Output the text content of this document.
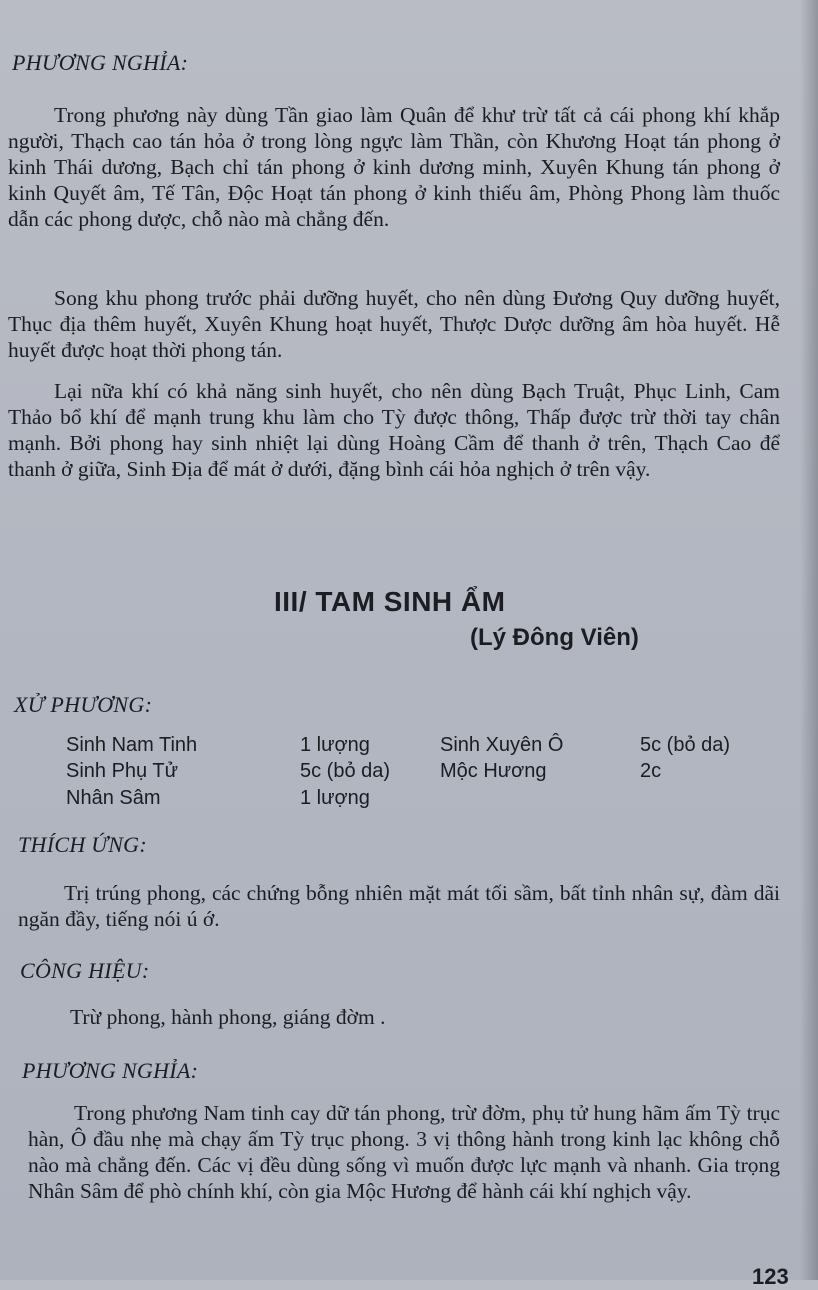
PHƯƠNG NGHỈA:
Trong phương này dùng Tần giao làm Quân để khư trừ tất cả cái phong khí khắp người, Thạch cao tán hỏa ở trong lòng ngực làm Thần, còn Khương Hoạt tán phong ở kinh Thái dương, Bạch chỉ tán phong ở kinh dương minh, Xuyên Khung tán phong ở kinh Quyết âm, Tế Tân, Độc Hoạt tán phong ở kinh thiếu âm, Phòng Phong làm thuốc dẫn các phong dược, chỗ nào mà chẳng đến.
Song khu phong trước phải dưỡng huyết, cho nên dùng Đương Quy dưỡng huyết, Thục địa thêm huyết, Xuyên Khung hoạt huyết, Thược Dược dưỡng âm hòa huyết. Hễ huyết được hoạt thời phong tán.
Lại nữa khí có khả năng sinh huyết, cho nên dùng Bạch Truật, Phục Linh, Cam Thảo bổ khí để mạnh trung khu làm cho Tỳ được thông, Thấp được trừ thời tay chân mạnh. Bởi phong hay sinh nhiệt lại dùng Hoàng Cầm để thanh ở trên, Thạch Cao để thanh ở giữa, Sinh Địa để mát ở dưới, đặng bình cái hỏa nghịch ở trên vậy.
III/ TAM SINH ẨM
(Lý Đông Viên)
XỬ PHƯƠNG:
Sinh Nam Tinh	1 lượng	Sinh Xuyên Ô	5c (bỏ da)
Sinh Phụ Tử	5c (bỏ da) Mộc Hương	2c
Nhân Sâm	1 lượng
THÍCH ỨNG:
Trị trúng phong, các chứng bỗng nhiên mặt mát tối sầm, bất tỉnh nhân sự, đàm dãi ngăn đầy, tiếng nói ú ớ.
CÔNG HIỆU:
Trừ phong, hành phong, giáng đờm .
PHƯƠNG NGHỈA:
Trong phương Nam tinh cay dữ tán phong, trừ đờm, phụ tử hung hãm ấm Tỳ trục hàn, Ô đầu nhẹ mà chạy ấm Tỳ trục phong. 3 vị thông hành trong kinh lạc không chỗ nào mà chẳng đến. Các vị đều dùng sống vì muốn được lực mạnh và nhanh. Gia trọng Nhân Sâm để phò chính khí, còn gia Mộc Hương để hành cái khí nghịch vậy.
123
